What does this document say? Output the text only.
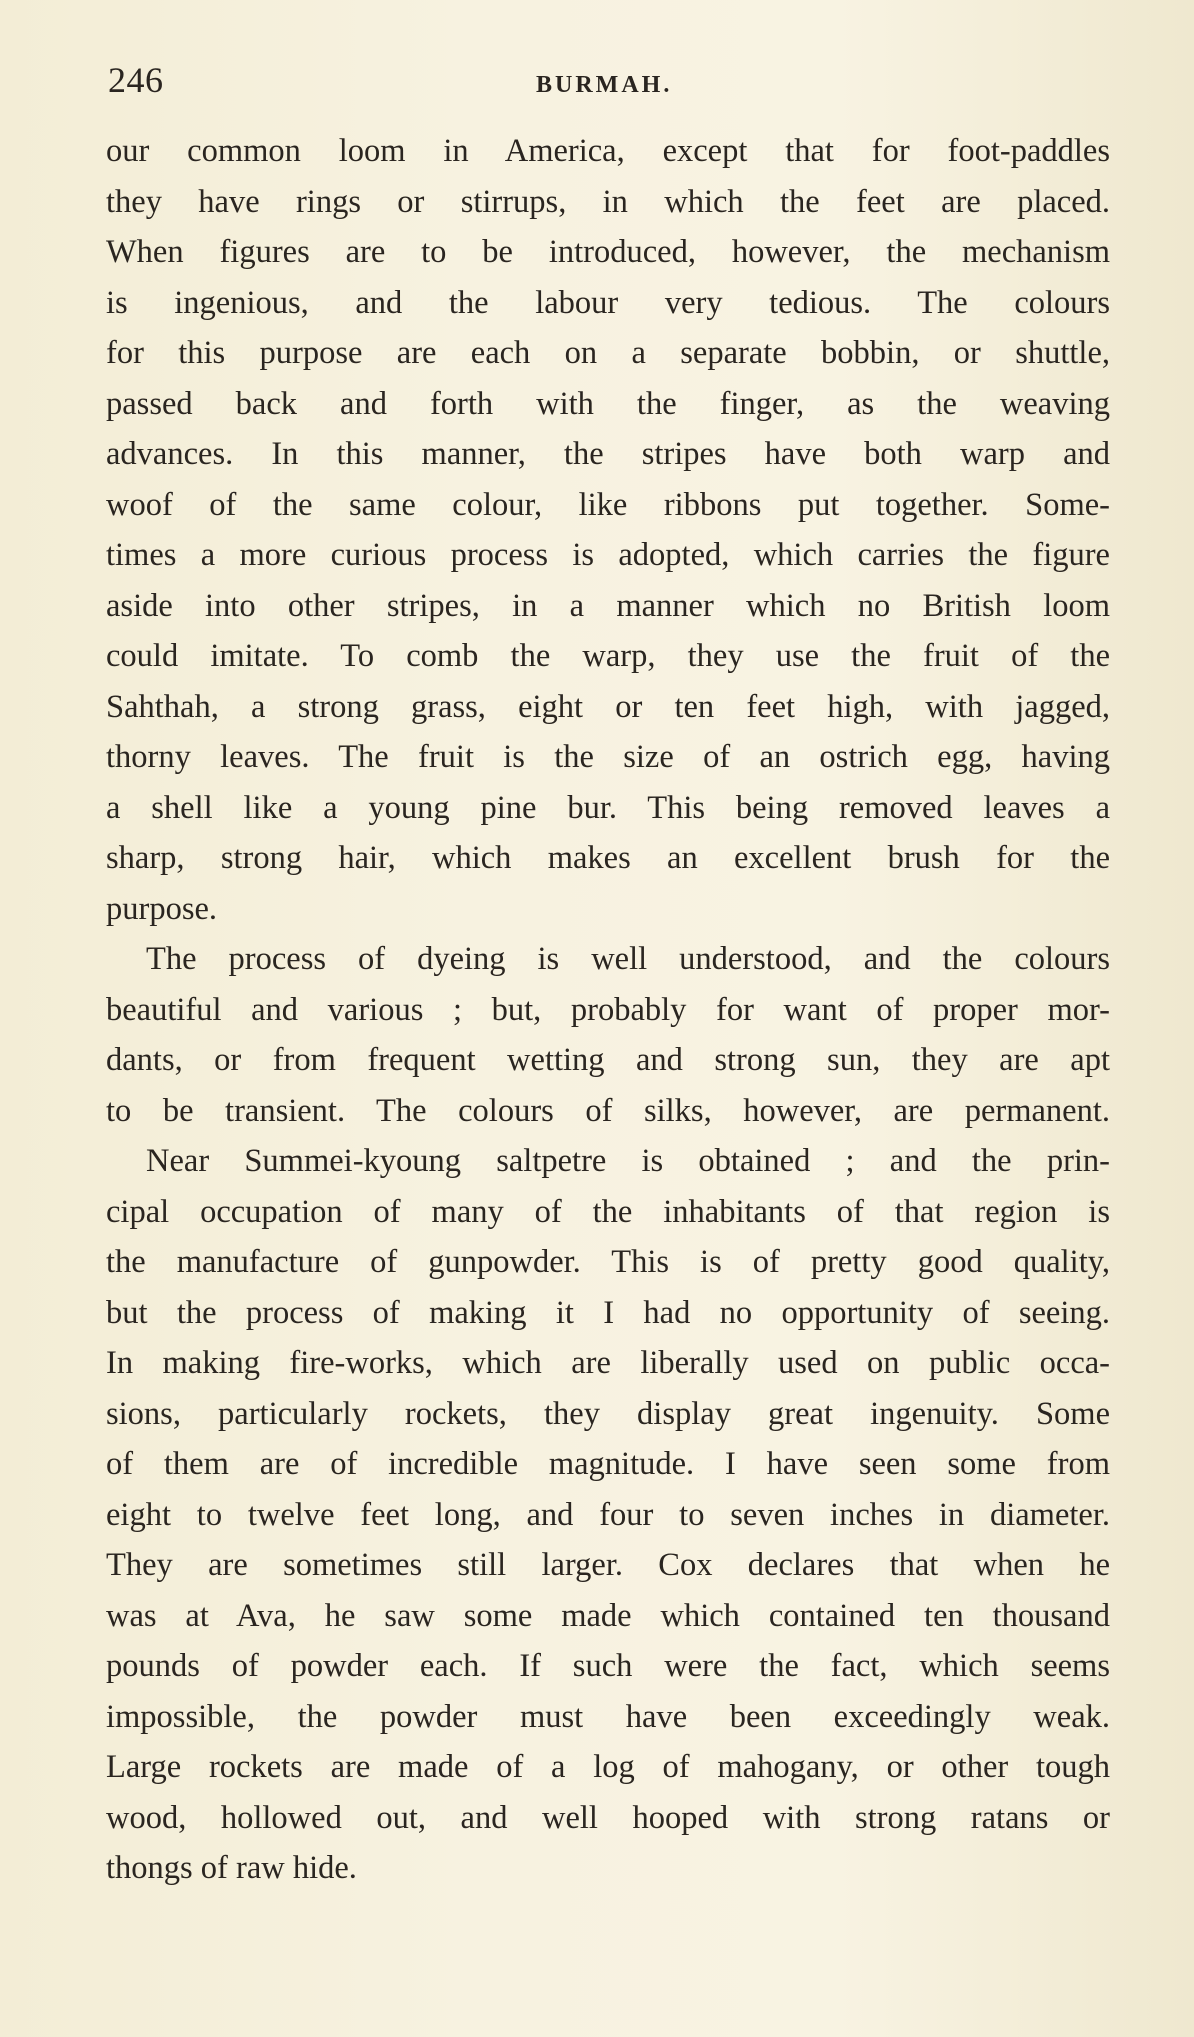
246	BURMAH.
our common loom in America, except that for foot-paddles
they have rings or stirrups, in which the feet are placed.
When figures are to be introduced, however, the mechanism
is ingenious, and the labour very tedious. The colours
for this purpose are each on a separate bobbin, or shuttle,
passed back and forth with the finger, as the weaving
advances. In this manner, the stripes have both warp and
woof of the same colour, like ribbons put together. Some-
times a more curious process is adopted, which carries the figure
aside into other stripes, in a manner which no British loom
could imitate. To comb the warp, they use the fruit of the
Sahthah, a strong grass, eight or ten feet high, with jagged,
thorny leaves. The fruit is the size of an ostrich egg, having
a shell like a young pine bur. This being removed leaves a
sharp, strong hair, which makes an excellent brush for the
purpose.
The process of dyeing is well understood, and the colours
beautiful and various ; but, probably for want of proper mor-
dants, or from frequent wetting and strong sun, they are apt
to be transient. The colours of silks, however, are permanent.
Near Summei-kyoung saltpetre is obtained ; and the prin-
cipal occupation of many of the inhabitants of that region is
the manufacture of gunpowder. This is of pretty good quality,
but the process of making it I had no opportunity of seeing.
In making fire-works, which are liberally used on public occa-
sions, particularly rockets, they display great ingenuity. Some
of them are of incredible magnitude. I have seen some from
eight to twelve feet long, and four to seven inches in diameter.
They are sometimes still larger. Cox declares that when he
was at Ava, he saw some made which contained ten thousand
pounds of powder each. If such were the fact, which seems
impossible, the powder must have been exceedingly weak.
Large rockets are made of a log of mahogany, or other tough
wood, hollowed out, and well hooped with strong ratans or
thongs of raw hide.
